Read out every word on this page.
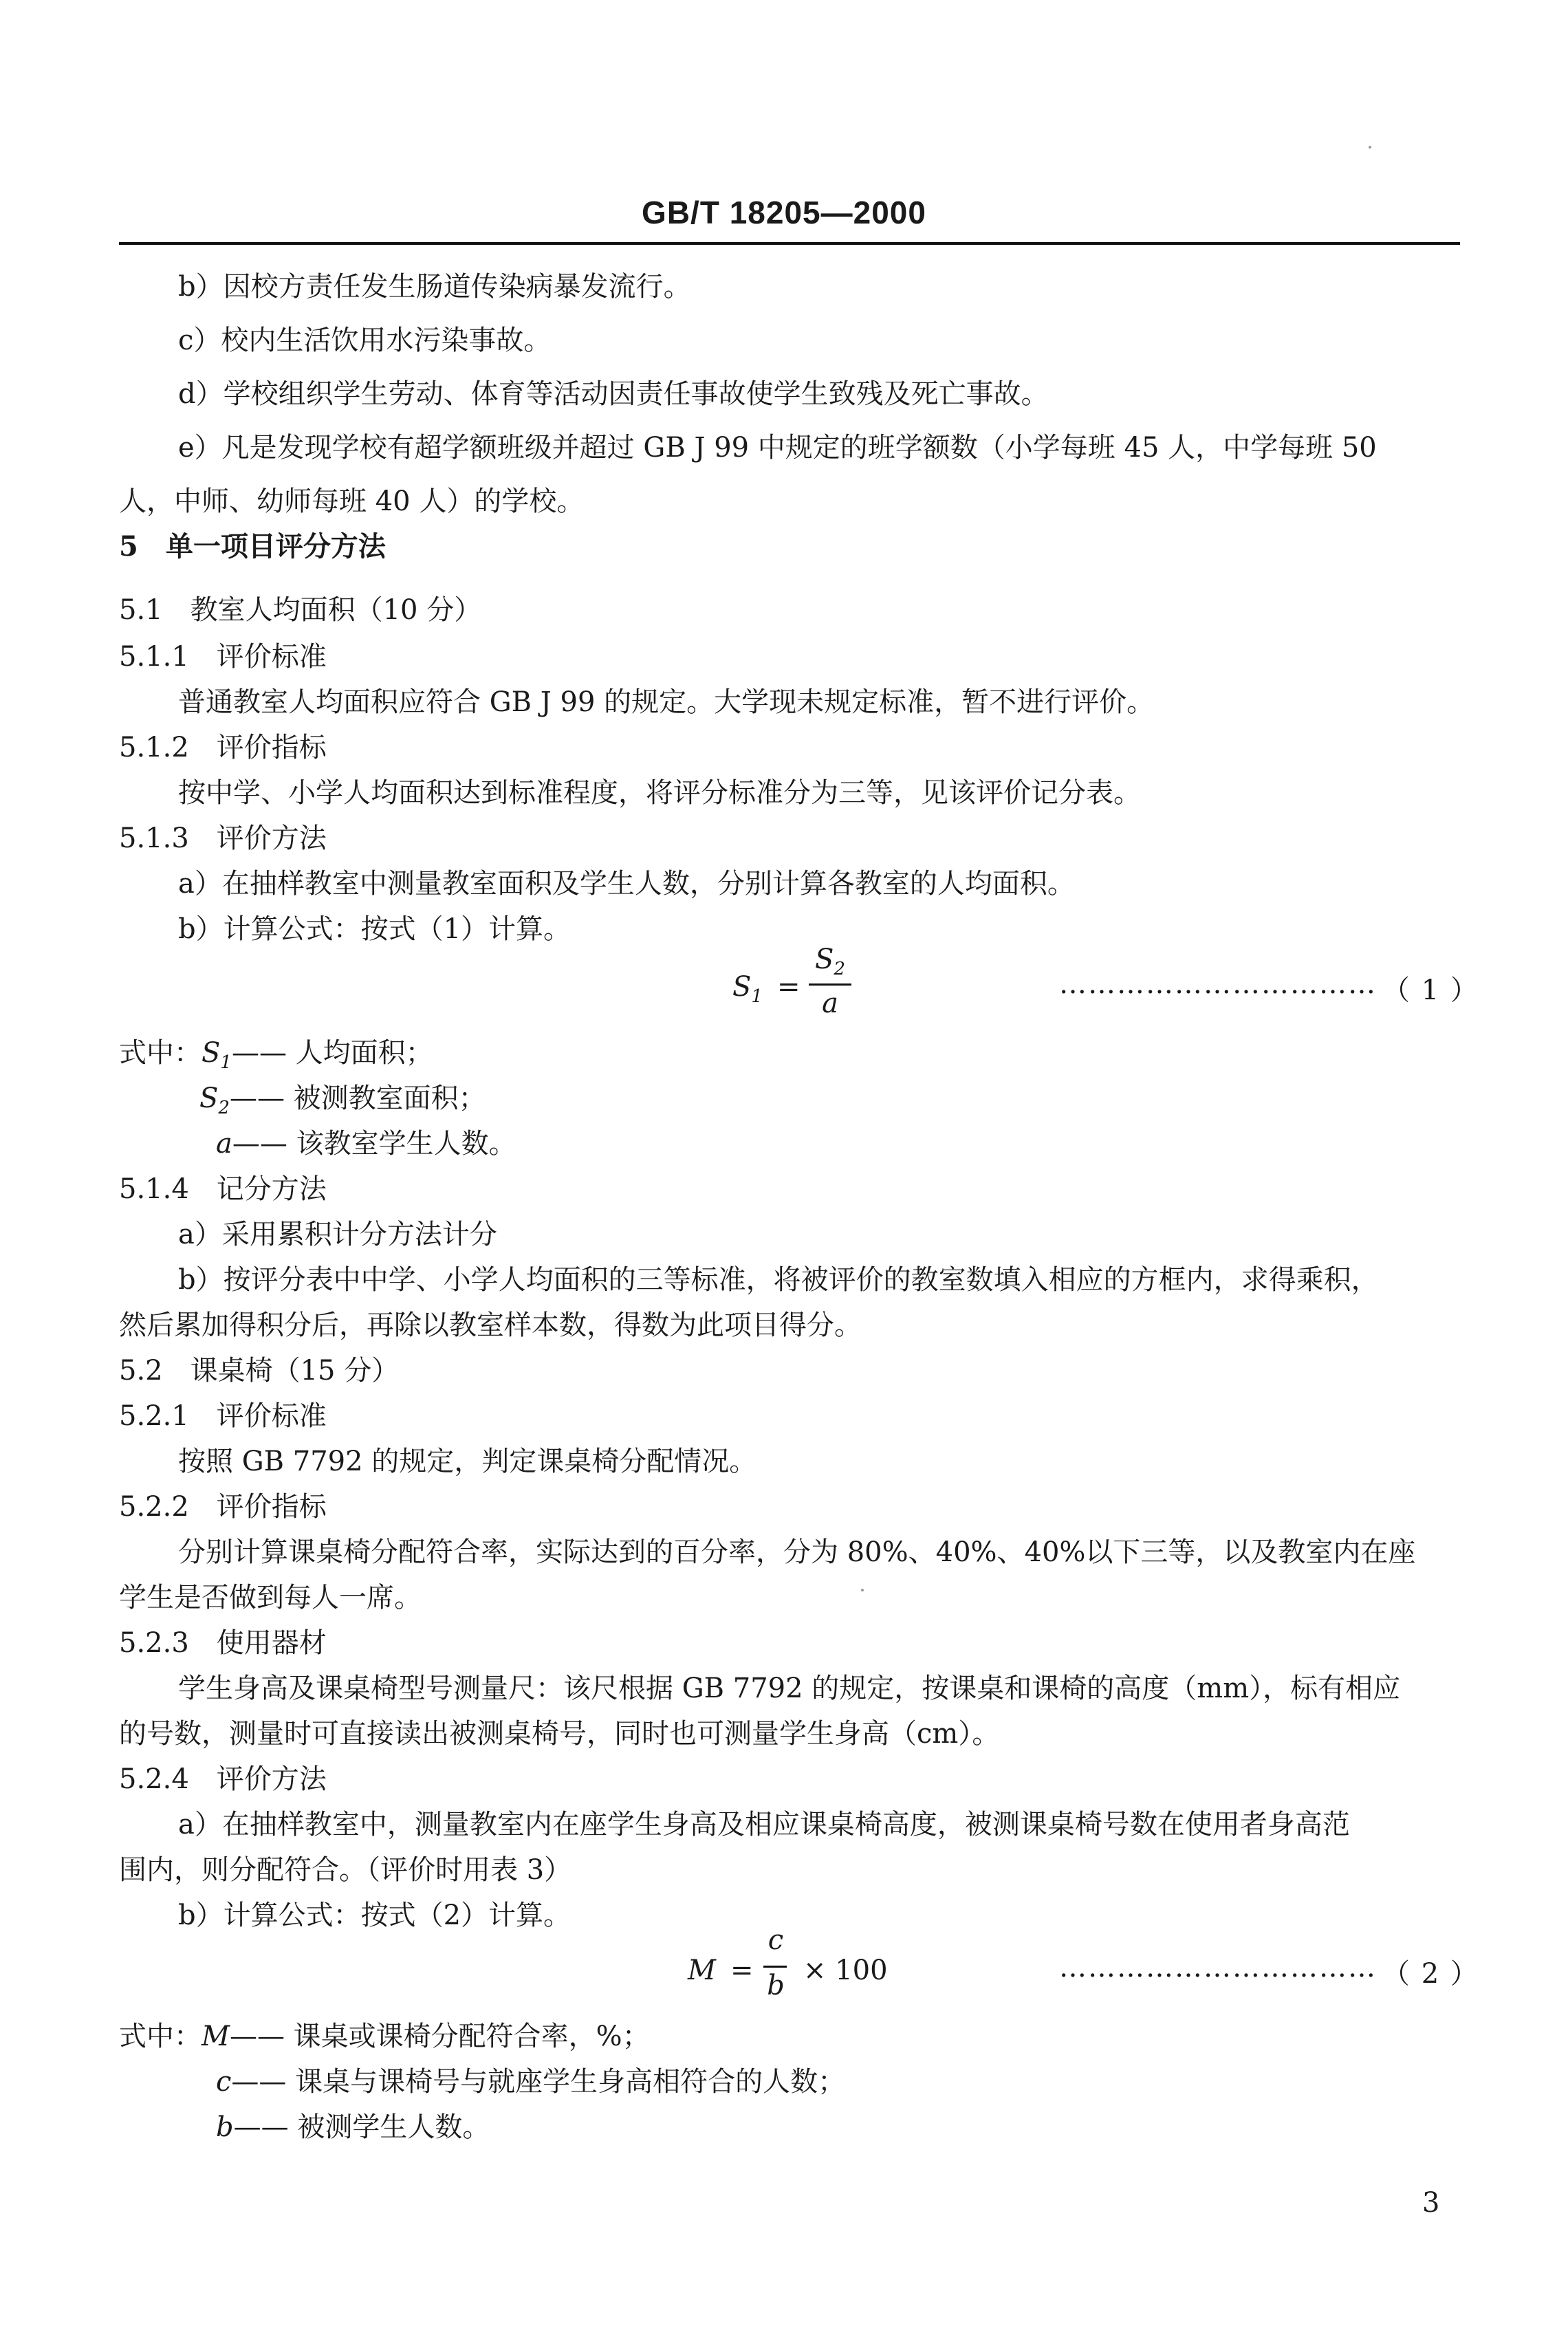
GB/T 18205—2000
b）因校方责任发生肠道传染病暴发流行。
c）校内生活饮用水污染事故。
d）学校组织学生劳动、体育等活动因责任事故使学生致残及死亡事故。
e）凡是发现学校有超学额班级并超过 GB J 99 中规定的班学额数（小学每班 45 人，中学每班 50
人，中师、幼师每班 40 人）的学校。
5　单一项目评分方法
5.1　教室人均面积（10 分）
5.1.1　评价标准
普通教室人均面积应符合 GB J 99 的规定。大学现未规定标准，暂不进行评价。
5.1.2　评价指标
按中学、小学人均面积达到标准程度，将评分标准分为三等，见该评价记分表。
5.1.3　评价方法
a）在抽样教室中测量教室面积及学生人数，分别计算各教室的人均面积。
b）计算公式：按式（1）计算。
$S_1$ =
$S_2$
a
…………………………… （ 1 ）
式中：$S_1——$ 人均面积；
$S_2——$ 被测教室面积；
a—— 该教室学生人数。
5.1.4　记分方法
a）采用累积计分方法计分
b）按评分表中中学、小学人均面积的三等标准，将被评价的教室数填入相应的方框内，求得乘积，
然后累加得积分后，再除以教室样本数，得数为此项目得分。
5.2　课桌椅（15 分）
5.2.1　评价标准
按照 GB 7792 的规定，判定课桌椅分配情况。
5.2.2　评价指标
分别计算课桌椅分配符合率，实际达到的百分率，分为 80%、40%、40%以下三等，以及教室内在座
学生是否做到每人一席。
5.2.3　使用器材
学生身高及课桌椅型号测量尺：该尺根据 GB 7792 的规定，按课桌和课椅的高度（mm），标有相应
的号数，测量时可直接读出被测桌椅号，同时也可测量学生身高（cm）。
5.2.4　评价方法
a）在抽样教室中，测量教室内在座学生身高及相应课桌椅高度，被测课桌椅号数在使用者身高范
围内，则分配符合。（评价时用表 3）
b）计算公式：按式（2）计算。
M =
c
b × 100	…………………………… （ 2 ）
式中：M—— 课桌或课椅分配符合率，%；
c—— 课桌与课椅号与就座学生身高相符合的人数；
b—— 被测学生人数。
3
